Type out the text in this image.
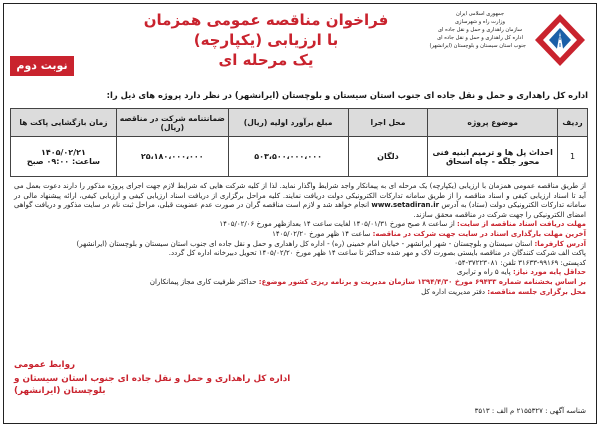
جمهوری اسلامی ایران
وزارت راه و شهرسازی
سازمان راهداری و حمل و نقل جاده ای
اداره کل راهداری و حمل و نقل جاده ای
جنوب استان سیستان و بلوچستان (ایرانشهر)
فراخوان مناقصه عمومی همزمان با ارزیابی (یکپارچه)
یک مرحله ای
نوبت دوم
اداره کل راهداری و حمل و نقل جاده ای جنوب استان سیستان و بلوچستان (ایرانشهر) در نظر دارد پروژه های ذیل را:
ردیف	موضوع پروژه	محل اجرا	مبلغ برآورد اولیه (ریال)	ضمانتنامه شرکت در مناقصه (ریال)	زمان بازگشایی پاکت ها
1	احداث پل ها و ترمیم ابنیه فنی محور جلگه - چاه اسحاق	دلگان	۵۰۳،۵۰۰،۰۰۰،۰۰۰	۲۵،۱۸۰،۰۰۰،۰۰۰	۱۴۰۵/۰۲/۲۱
ساعت: ۰۹:۰۰ صبح

از طریق مناقصه عمومی همزمان با ارزیابی (یکپارچه) یک مرحله ای به پیمانکار واجد شرایط واگذار نماید. لذا از کلیه شرکت هایی که شرایط لازم جهت اجرای پروژه مذکور را دارند دعوت بعمل می آید تا اسناد ارزیابی کیفی و اسناد مناقصه را از طریق سامانه تدارکات الکترونیکی دولت دریافت نمایند. کلیه مراحل برگزاری از دریافت اسناد ارزیابی کیفی و ارزیابی کیفی، ارائه پیشنهاد مالی در سامانه تدارکات الکترونیکی دولت (ستاد) به آدرس www.setadiran.ir انجام خواهد شد و لازم است مناقصه گران در صورت عدم عضویت قبلی، مراحل ثبت نام در سایت مذکور و دریافت گواهی امضای الکترونیکی را جهت شرکت در مناقصه محقق سازند.

مهلت دریافت اسناد مناقصه از سایت: از ساعت ۸ صبح مورخ ۱۴۰۵/۰۱/۳۱ لغایت ساعت ۱۴ بعدازظهر مورخ ۱۴۰۵/۰۲/۰۶

آخرین مهلت بارگذاری اسناد در سایت جهت شرکت در مناقصه: ساعت ۱۴ ظهر مورخ ۱۴۰۵/۰۲/۲۰

آدرس کارفرما: استان سیستان و بلوچستان - شهر ایرانشهر - خیابان امام خمینی (ره) - اداره کل راهداری و حمل و نقل جاده ای جنوب استان سیستان و بلوچستان (ایرانشهر)

پاکت الف شرکت کنندگان در مناقصه بایستی بصورت لاک و مهر شده حداکثر تا ساعت ۱۴ ظهر مورخ ۱۴۰۵/۰۲/۲۰ تحویل دبیرخانه اداره کل گردد.

کدپستی: ۹۹۱۶۹-۳۱۶۳۳ تلفن: ۳۷۲۲۳۰۸۱-۰۵۴

حداقل پایه مورد نیاز: پایه ۵ راه و ترابری

بر اساس بخشنامه شماره ۶۹۴۳۳ مورخ ۱۳۹۴/۴/۳۰ سازمان مدیریت و برنامه ریزی کشور موضوع: حداکثر ظرفیت کاری مجاز پیمانکاران

محل برگزاری جلسه مناقصه: دفتر مدیریت اداره کل

روابط عمومی
اداره کل راهداری و حمل و نقل جاده ای جنوب استان سیستان و بلوچستان (ایرانشهر)
شناسه آگهی : ۲۱۵۵۳۲۷ م الف : ۳۵۱۳
